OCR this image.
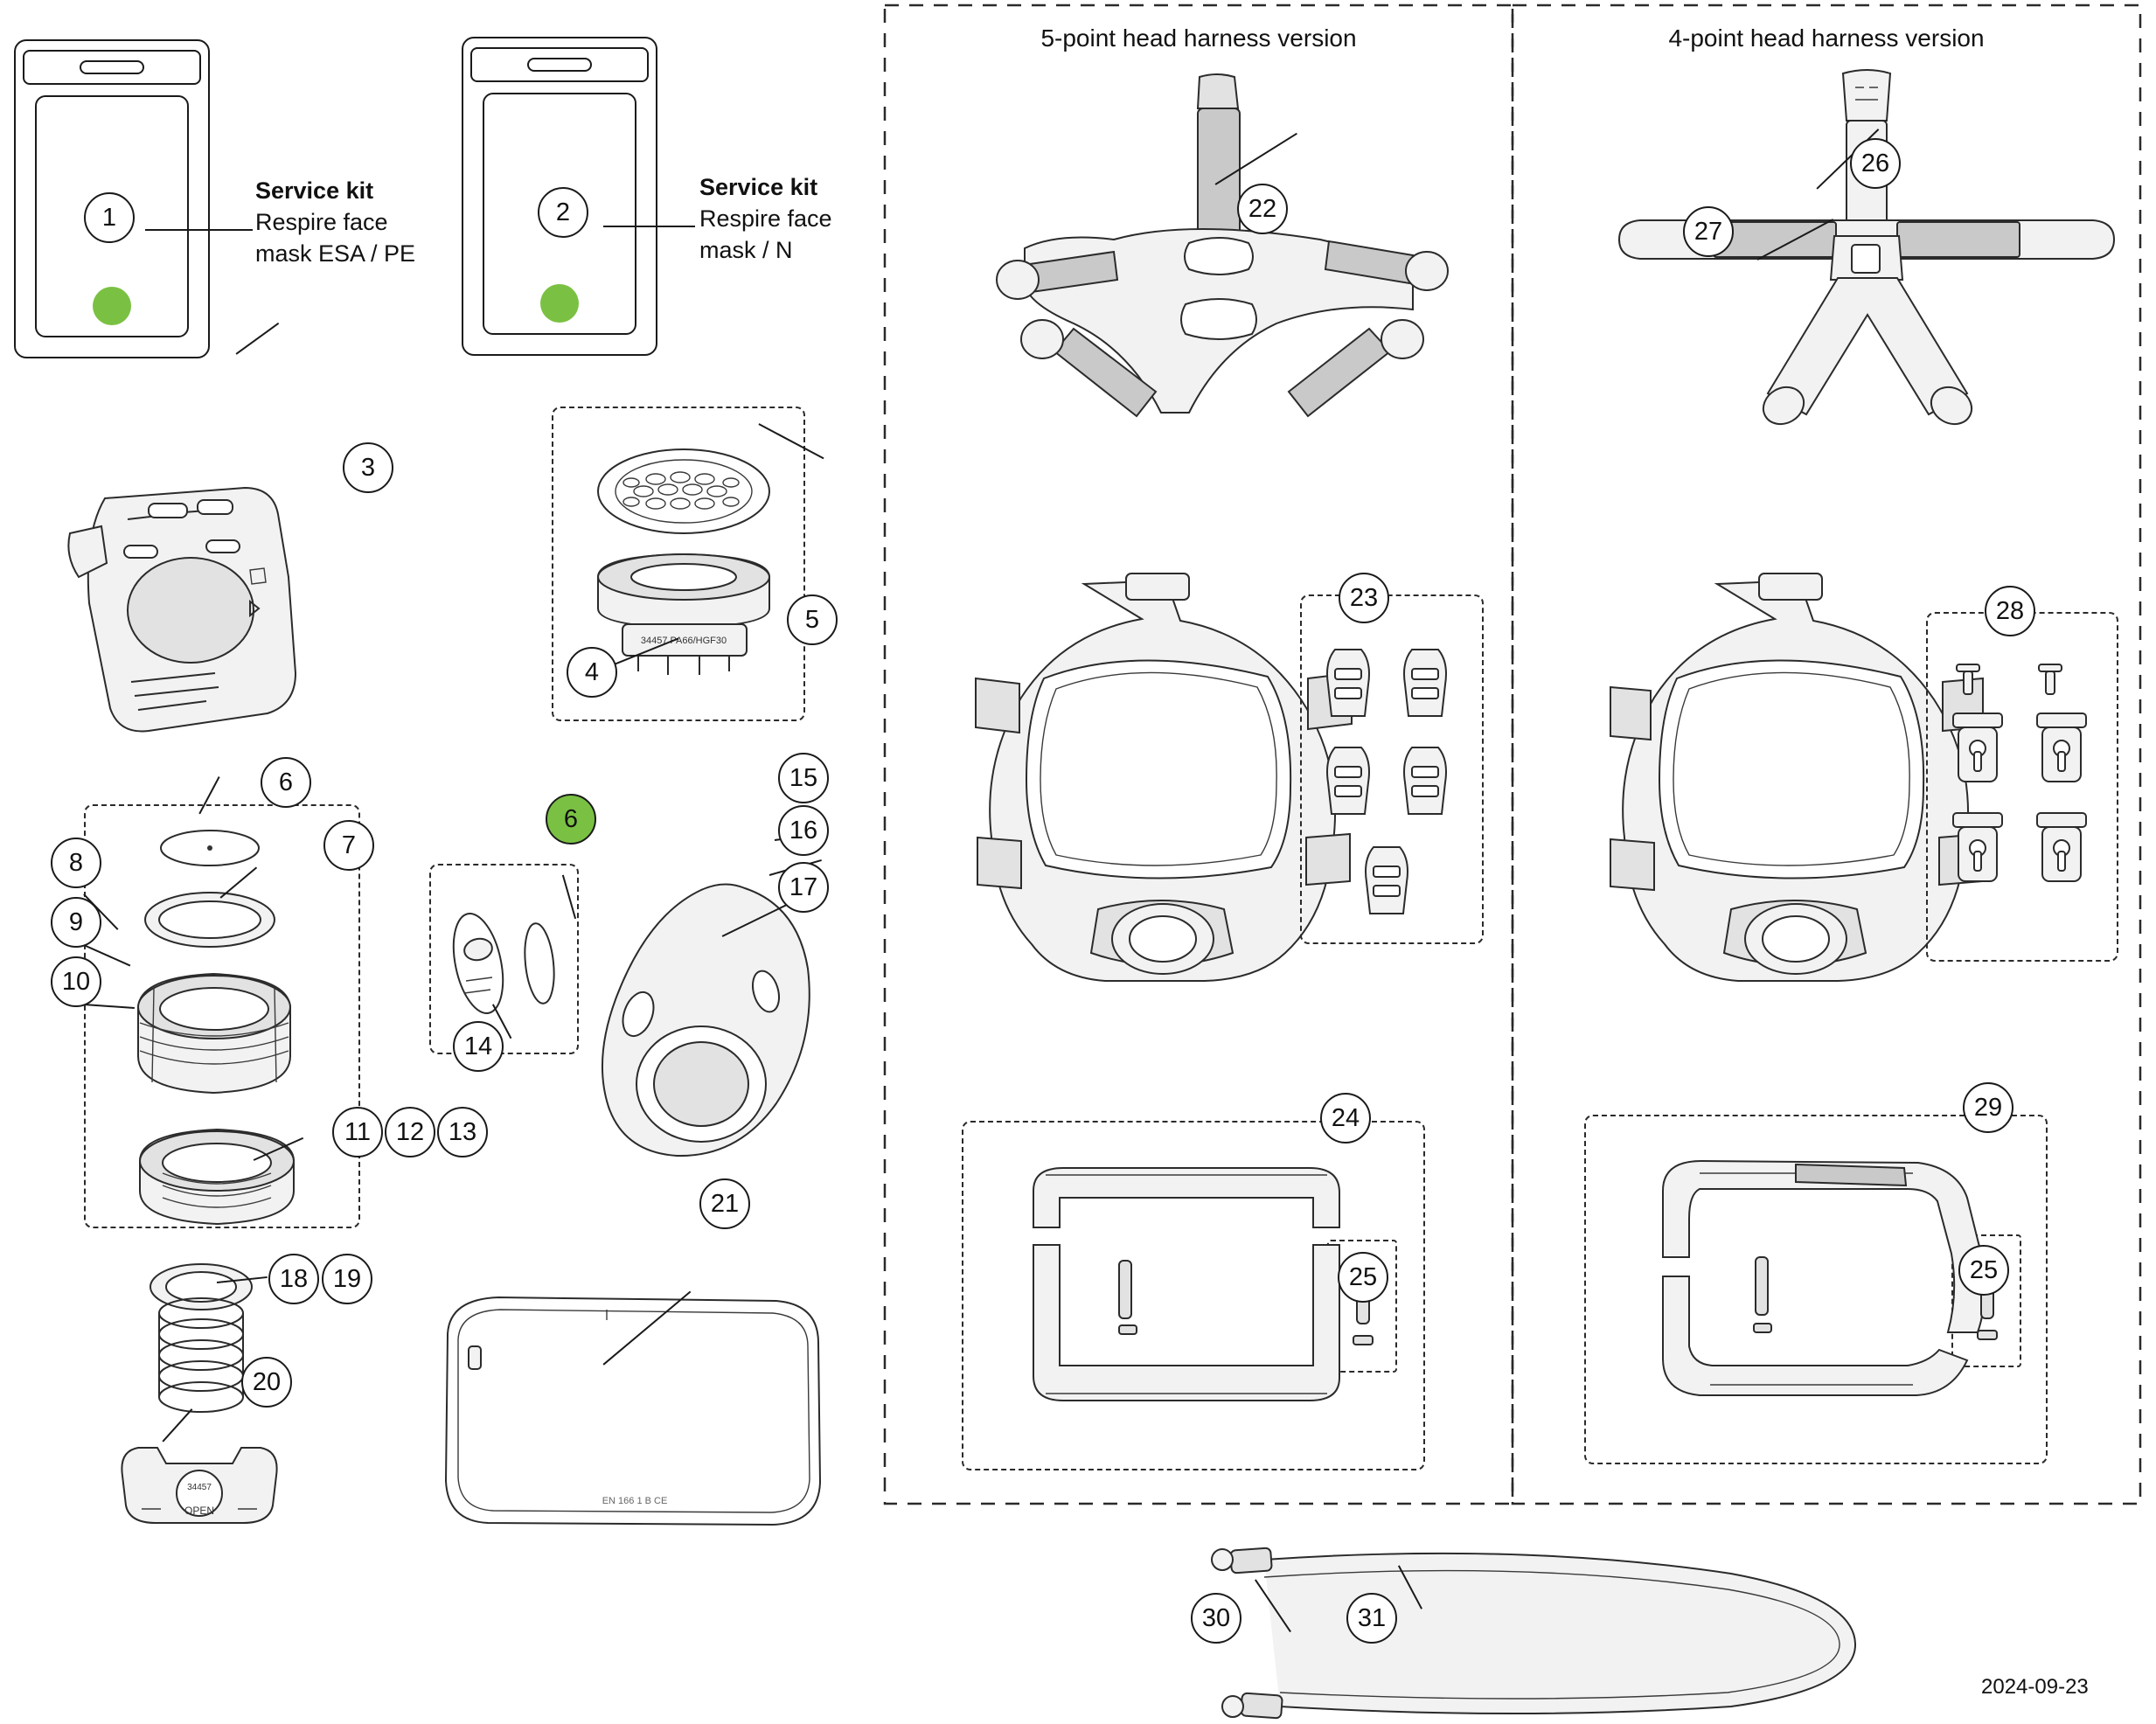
5-point head harness version	4-point head harness version
Service kit
Respire face
mask ESA / PE
Service kit
Respire face
mask / N
34457 PA66/HGF30
34457
OPEN
EN 166 1 B CE
1	2
3
4
5
6
6
7
8
9
10
11 12 13
14
15
16
17
18 19
20
21
22
23
24
25
26
27
28
29
25
30	31
2024-09-23
